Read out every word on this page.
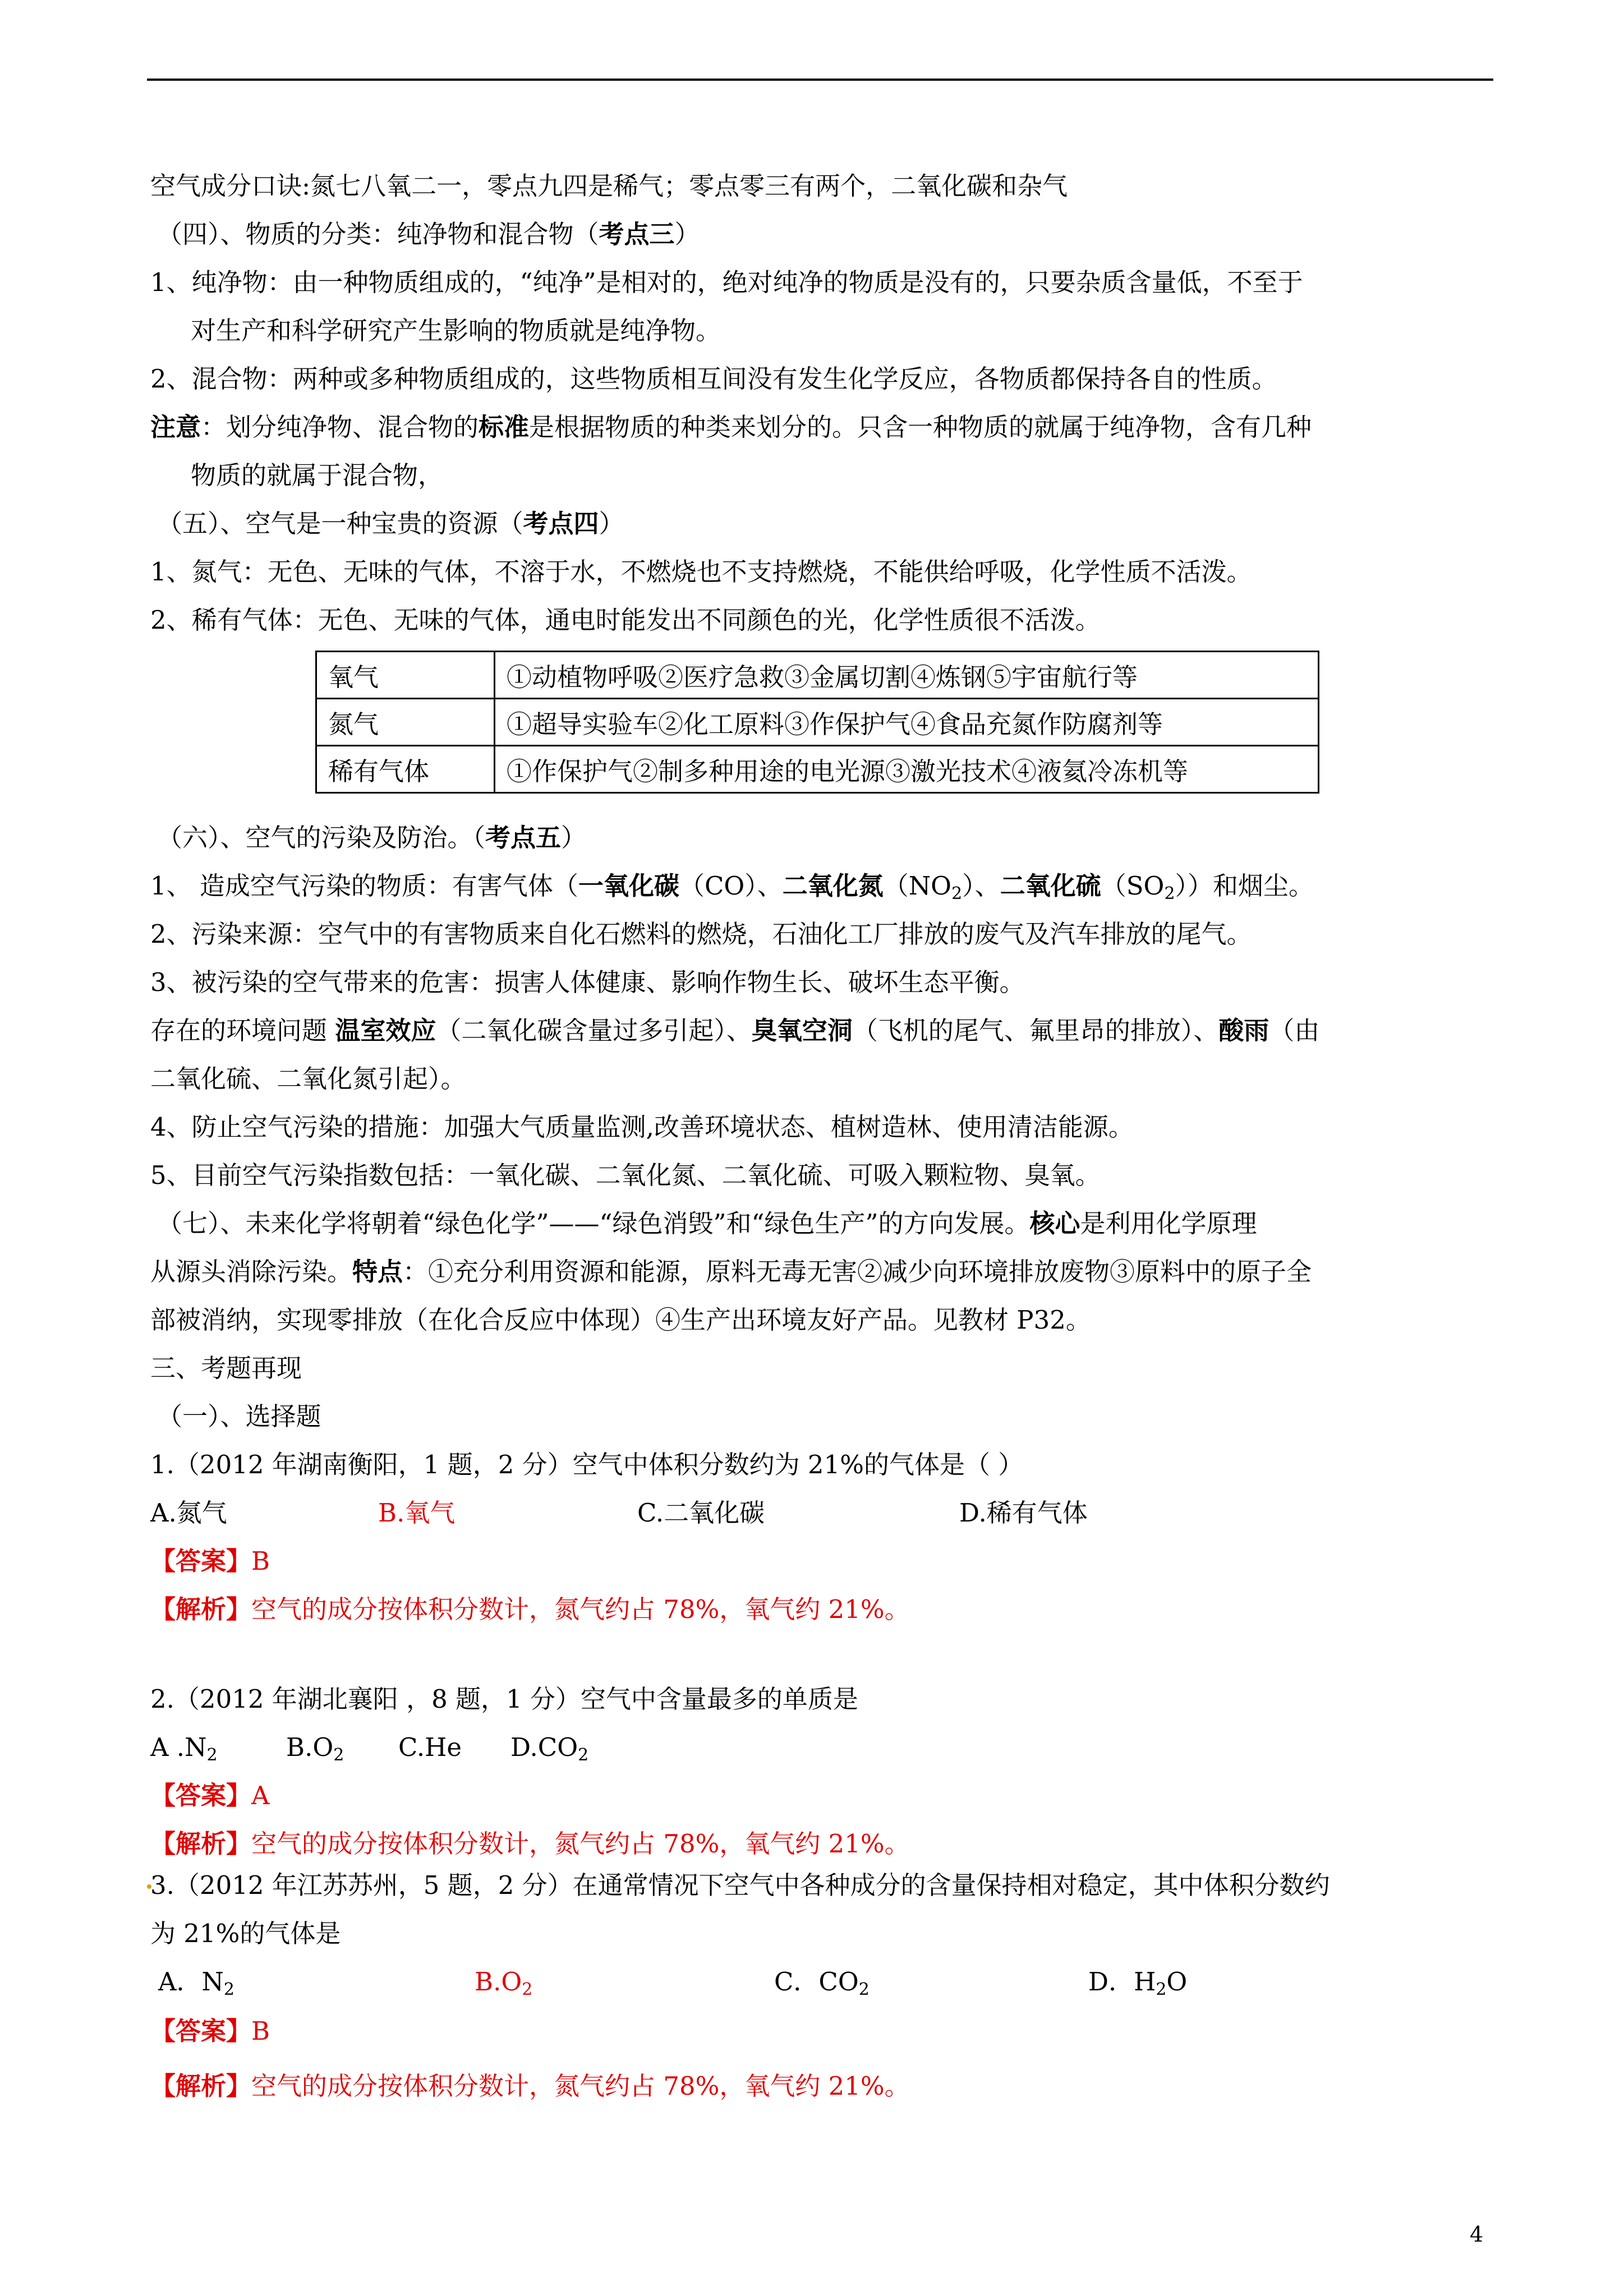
空气成分口诀:氮七八氧二一，零点九四是稀气；零点零三有两个，二氧化碳和杂气
（四）、物质的分类：纯净物和混合物（考点三）
1、纯净物：由一种物质组成的，“纯净”是相对的，绝对纯净的物质是没有的，只要杂质含量低，不至于
对生产和科学研究产生影响的物质就是纯净物。
2、混合物：两种或多种物质组成的，这些物质相互间没有发生化学反应，各物质都保持各自的性质。
注意：划分纯净物、混合物的标准是根据物质的种类来划分的。只含一种物质的就属于纯净物，含有几种
物质的就属于混合物，
（五）、空气是一种宝贵的资源（考点四）
1、氮气：无色、无味的气体，不溶于水，不燃烧也不支持燃烧，不能供给呼吸，化学性质不活泼。
2、稀有气体：无色、无味的气体，通电时能发出不同颜色的光，化学性质很不活泼。
氧气	①动植物呼吸②医疗急救③金属切割④炼钢⑤宇宙航行等
氮气	①超导实验车②化工原料③作保护气④食品充氮作防腐剂等
稀有气体	①作保护气②制多种用途的电光源③激光技术④液氦冷冻机等
（六）、空气的污染及防治。（考点五）
1、 造成空气污染的物质：有害气体（一氧化碳（CO）、二氧化氮$(NO_2)$、二氧化硫$(SO_2)$）和烟尘。
2、污染来源：空气中的有害物质来自化石燃料的燃烧，石油化工厂排放的废气及汽车排放的尾气。
3、被污染的空气带来的危害：损害人体健康、影响作物生长、破坏生态平衡。
存在的环境问题 温室效应（二氧化碳含量过多引起）、臭氧空洞（飞机的尾气、氟里昂的排放）、酸雨（由
二氧化硫、二氧化氮引起）。
4、防止空气污染的措施：加强大气质量监测,改善环境状态、植树造林、使用清洁能源。
5、目前空气污染指数包括：一氧化碳、二氧化氮、二氧化硫、可吸入颗粒物、臭氧。
（七）、未来化学将朝着“绿色化学”——“绿色消毁”和“绿色生产”的方向发展。核心是利用化学原理
从源头消除污染。特点：①充分利用资源和能源，原料无毒无害②减少向环境排放废物③原料中的原子全
部被消纳，实现零排放（在化合反应中体现）④生产出环境友好产品。见教材 P32。
三、考题再现
（一）、选择题
1.（2012 年湖南衡阳，1 题，2 分）空气中体积分数约为 21%的气体是（ ）
A.氮气	B.氧气	C.二氧化碳	D.稀有气体
【答案】B
【解析】空气的成分按体积分数计，氮气约占 78%，氧气约 21%。
2.（2012 年湖北襄阳 ，8 题，1 分）空气中含量最多的单质是
A $.N_2$	$B.O_2$ C.He $D.CO_2$
【答案】A
【解析】空气的成分按体积分数计，氮气约占 78%，氧气约 21%。
3.（2012 年江苏苏州，5 题，2 分）在通常情况下空气中各种成分的含量保持相对稳定，其中体积分数约
为 21%的气体是
A．$N_2$	$B.O_2$	C．$CO_2$	D．$H_2O$
【答案】B
【解析】空气的成分按体积分数计，氮气约占 78%，氧气约 21%。
4
